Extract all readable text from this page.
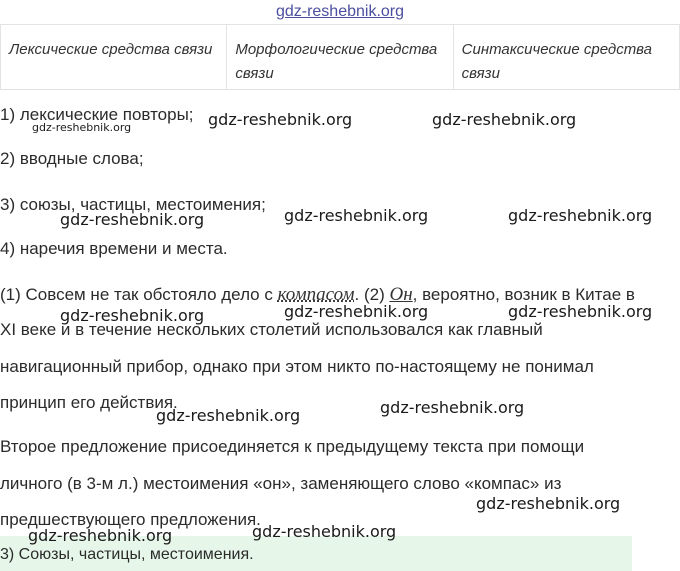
gdz-reshebnik.org
Лексические средства связи	Морфологические средства связи	Синтаксические средства связи
1) лексические повторы;
2) вводные слова;
3) союзы, частицы, местоимения;
4) наречия времени и места.
(1) Совсем не так обстояло дело с компасом. (2) Он, вероятно, возник в Китае в
XI веке и в течение нескольких столетий использовался как главный
навигационный прибор, однако при этом никто по-настоящему не понимал
принцип его действия.
Второе предложение присоединяется к предыдущему текста при помощи
личного (в 3-м л.) местоимения «он», заменяющего слово «компас» из
предшествующего предложения.
3) Союзы, частицы, местоимения.
gdz-reshebnik.org	gdz-reshebnik.org
gdz-reshebnik.org
gdz-reshebnik.org	gdz-reshebnik.org	gdz-reshebnik.org
gdz-reshebnik.org	gdz-reshebnik.org	gdz-reshebnik.org
gdz-reshebnik.org	gdz-reshebnik.org
gdz-reshebnik.org
gdz-reshebnik.org	gdz-reshebnik.org
